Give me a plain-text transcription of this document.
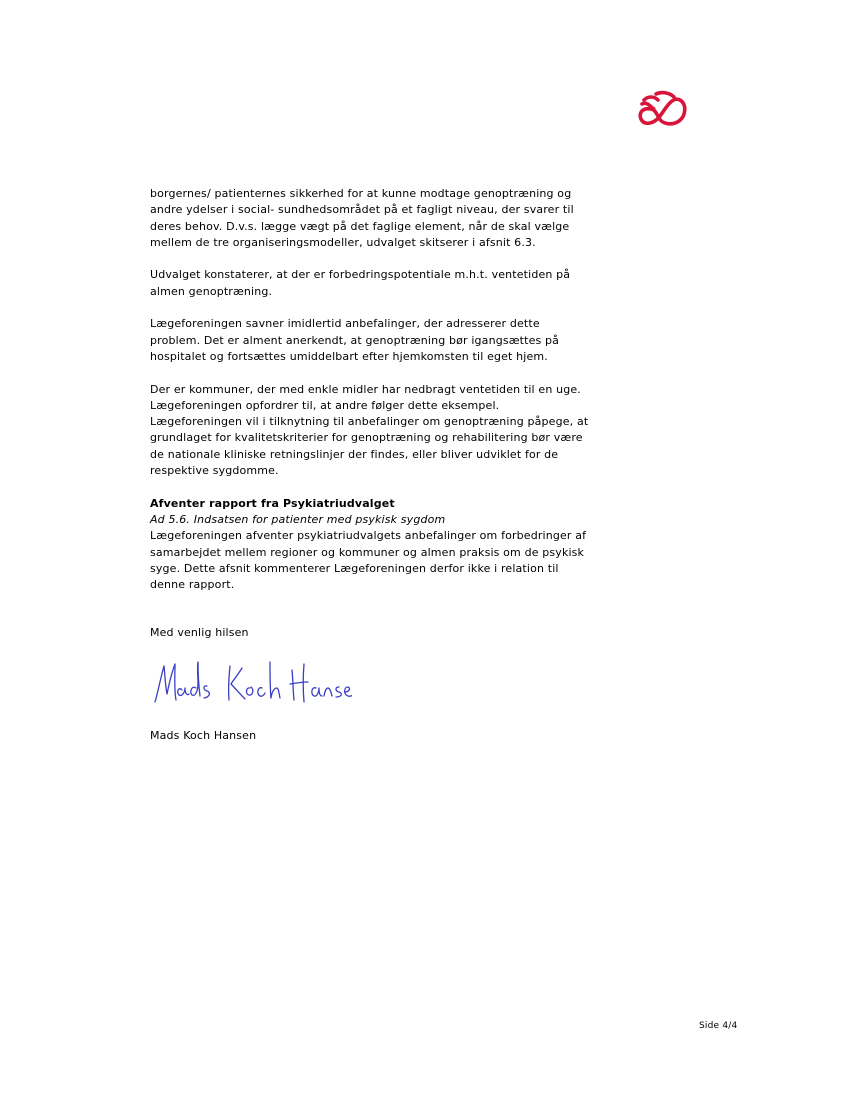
borgernes/ patienternes sikkerhed for at kunne modtage genoptræning og
andre ydelser i social- sundhedsområdet på et fagligt niveau, der svarer til
deres behov. D.v.s. lægge vægt på det faglige element, når de skal vælge
mellem de tre organiseringsmodeller, udvalget skitserer i afsnit 6.3.

Udvalget konstaterer, at der er forbedringspotentiale m.h.t. ventetiden på
almen genoptræning.

Lægeforeningen savner imidlertid anbefalinger, der adresserer dette
problem. Det er alment anerkendt, at genoptræning bør igangsættes på
hospitalet og fortsættes umiddelbart efter hjemkomsten til eget hjem.

Der er kommuner, der med enkle midler har nedbragt ventetiden til en uge.
Lægeforeningen opfordrer til, at andre følger dette eksempel.
Lægeforeningen vil i tilknytning til anbefalinger om genoptræning påpege, at
grundlaget for kvalitetskriterier for genoptræning og rehabilitering bør være
de nationale kliniske retningslinjer der findes, eller bliver udviklet for de
respektive sygdomme.

Afventer rapport fra Psykiatriudvalget
Ad 5.6. Indsatsen for patienter med psykisk sygdom
Lægeforeningen afventer psykiatriudvalgets anbefalinger om forbedringer af
samarbejdet mellem regioner og kommuner og almen praksis om de psykisk
syge. Dette afsnit kommenterer Lægeforeningen derfor ikke i relation til
denne rapport.
Med venlig hilsen
Mads Koch Hansen
Side 4/4
